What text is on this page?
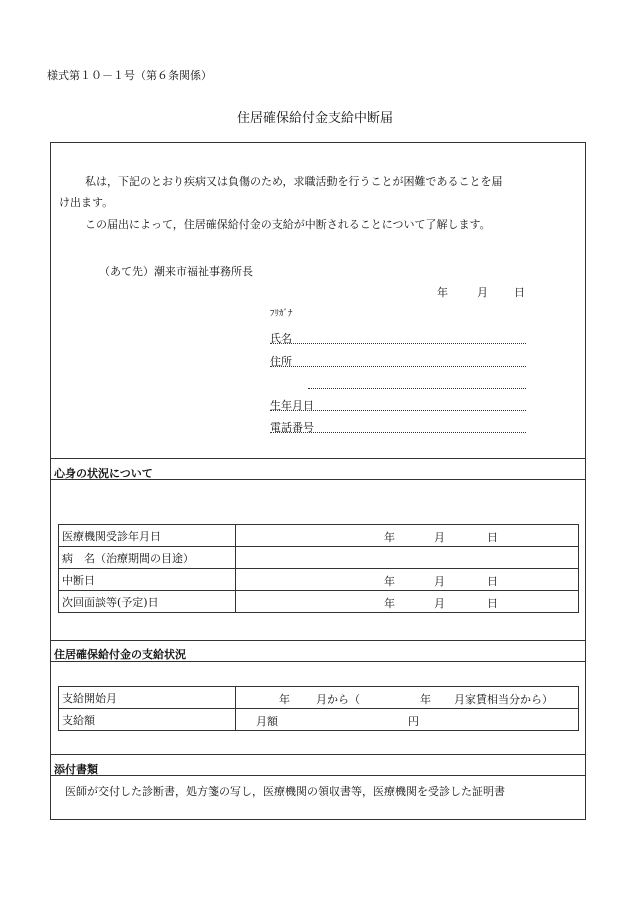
様式第１０－１号（第６条関係）
住居確保給付金支給中断届
私は，下記のとおり疾病又は負傷のため，求職活動を行うことが困難であることを届
け出ます。
この届出によって，住居確保給付金の支給が中断されることについて了解します。
（あて先）潮来市福祉事務所長
年	月 日
ﾌﾘｶﾞﾅ
氏名
住所
生年月日
電話番号
心身の状況について
医療機関受診年月日	年 月 日

病　名（治療期間の目途）	
中断日	年 月 日

次回面談等(予定)日	年 月 日
住居確保給付金の支給状況
支給開始月	年 月から（ 年 月家賃相当分から）

支給額	月額 円
添付書類
医師が交付した診断書，処方箋の写し，医療機関の領収書等，医療機関を受診した証明書
